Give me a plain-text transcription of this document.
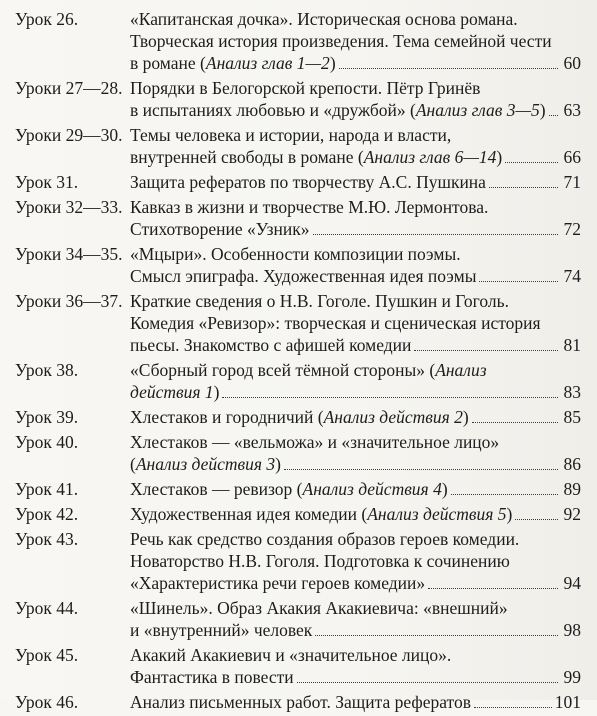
Урок 26.	«Капитанская дочка». Историческая основа романа.
Творческая история произведения. Тема семейной чести
в романе (Анализ глав 1—2)	60
Уроки 27—28. Порядки в Белогорской крепости. Пётр Гринёв
в испытаниях любовью и «дружбой» (Анализ глав 3—5) 63
Уроки 29—30. Темы человека и истории, народа и власти,
внутренней свободы в романе (Анализ глав 6—14)	66
Урок 31.	Защита рефератов по творчеству А.С. Пушкина	71
Уроки 32—33. Кавказ в жизни и творчестве М.Ю. Лермонтова.
Стихотворение «Узник»	72
Уроки 34—35. «Мцыри». Особенности композиции поэмы.
Смысл эпиграфа. Художественная идея поэмы	74
Уроки 36—37. Краткие сведения о Н.В. Гоголе. Пушкин и Гоголь.
Комедия «Ревизор»: творческая и сценическая история
пьесы. Знакомство с афишей комедии	81
Урок 38.	«Сборный город всей тёмной стороны» (Анализ
действия 1)	83
Урок 39.	Хлестаков и городничий (Анализ действия 2)	85
Урок 40.	Хлестаков — «вельможа» и «значительное лицо»
(Анализ действия 3)	86
Урок 41.	Хлестаков — ревизор (Анализ действия 4)	89
Урок 42.	Художественная идея комедии (Анализ действия 5)	92
Урок 43.	Речь как средство создания образов героев комедии.
Новаторство Н.В. Гоголя. Подготовка к сочинению
«Характеристика речи героев комедии»	94
Урок 44.	«Шинель». Образ Акакия Акакиевича: «внешний»
и «внутренний» человек	98
Урок 45.	Акакий Акакиевич и «значительное лицо».
Фантастика в повести	99
Урок 46.	Анализ письменных работ. Защита рефератов	101
